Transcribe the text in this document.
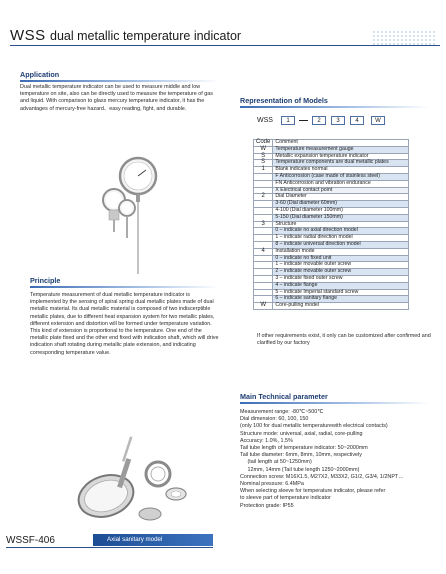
WSS dual metallic temperature indicator
Application
Dual metallic temperature indicator can be used to measure middle and low temperature on site, also can be directly used to measure the temperature of gas and liquid. With comparison to glass mercury temperature indicator, it has the advantages of mercury-free hazard、easy reading, fight, and durable.
Principle
Temperature measurement of dual metallic temperature indicator is implemented by the sensing of spiral spring dual metallic plates made of dual metallic material. Its dual metallic material is composed of two indiscerptible metallic plates, due to different heat expansion system for two metallic plates, different extension and distortion will be formed under temperature variation. This kind of extension is proportional to the temperature. One end of the metallic plate fixed and the other end fixed with indication shaft, which will drive indication shaft rotating during metallic plate extension, and indicating corresponding temperature value.
WSSF-406	Axial sanitary model
Representation of Models
WSS	1	2	3	4	W
Code	Comment
W	Temperature measurement gauge
S	Metallic expansion temperature indicator
S	Temperature components are dual metallic plates
1	Blank indicates normal
	F Anticorrosion (case made of stainless steel)
	FN Anticorrosion and vibration endurance
	X Electrical contact point
2	Dial Diameter
	3-60 (Dial diameter 60mm)
	4-100 (Dial diameter 100mm)
	5-150 (Dial diameter 150mm)
3	Structure
	0 – indicate no axial direction model
	1 – indicate radial direction model
	8 – indicate universal direction model
4	Installation mode
	0 – indicate no fixed unit
	1 – indicate movable outer screw
	2 – indicate movable outer screw
	3 – indicate fixed outer screw
	4 – indicate flange
	5 – indicate Imperial standard screw
	6 – indicate sanitary flange
W	Core-pulling model
If other requirements exist, it only can be customized after confirmed and clarified by our factory
Main Technical parameter
Measurement range: -80℃~500℃
Dial dimension: 60, 100, 150
(only 100 for dual metallic temperaturewith electrical contacts)
Structure mode: universal, axial, radial, core-pulling
Accuracy: 1.0%, 1.5%
Tail tube length of temperature indicator: 50~2000mm
Tail tube diameter: 6mm, 8mm, 10mm, respectively
(tail length at 50~1250mm)
12mm, 14mm (Tail tube length 1250~2000mm)
Connection screw: M16X1.5, M27X2, M33X2, G1/2, G3/4, 1/2NPT…
Nominal pressure: 6.4MPa
When selecting sleeve for temperature indicator, please refer
to sleeve part of temperature indicator
Protection grade: IP55
